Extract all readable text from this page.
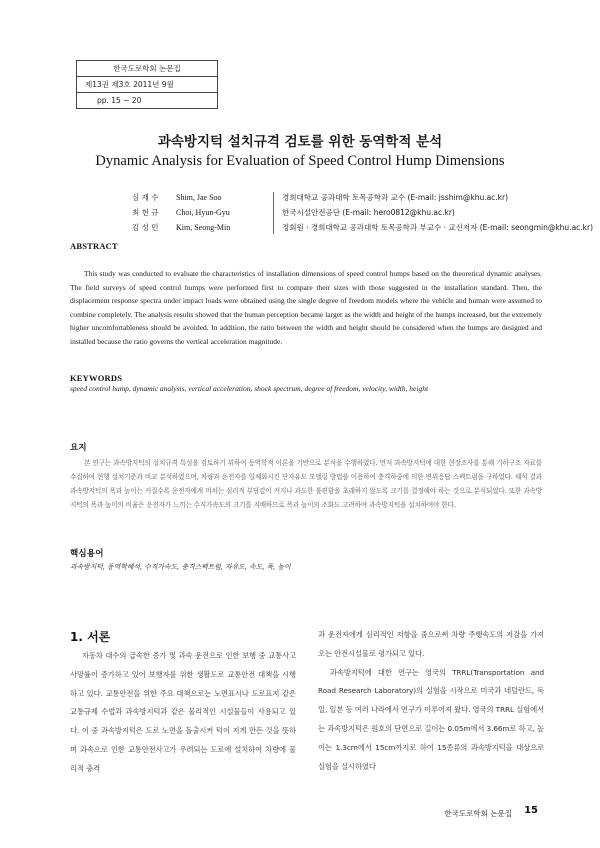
한국도로학회 논문집
제13권 제3호 2011년 9월
pp. 15 ~ 20
과속방지턱 설치규격 검토를 위한 동역학적 분석
Dynamic Analysis for Evaluation of Speed Control Hump Dimensions
심 재 수	Shim, Jae Soo	경희대학교 공과대학 토목공학과 교수 (E-mail: jsshim@khu.ac.kr)
최 현 규	Choi, Hyun-Gyu	한국시설안전공단 (E-mail: hero0812@khu.ac.kr)
김 성 민	Kim, Seong-Min	정회원 · 경희대학교 공과대학 토목공학과 부교수 · 교신저자 (E-mail: seongmin@khu.ac.kr)
ABSTRACT
This study was conducted to evaluate the characteristics of installation dimensions of speed control humps based on the theoretical dynamic analyses. The field surveys of speed control humps were performed first to compare their sizes with those suggested in the installation standard. Then, the displacement response spectra under impact loads were obtained using the single degree of freedom models where the vehicle and human were assumed to combine completely. The analysis results showed that the human perception became larger as the width and height of the humps increased, but the extremely higher uncomfortableness should be avoided. In addition, the ratio between the width and height should be considered when the humps are designed and installed because the ratio governs the vertical acceleration magnitude.
KEYWORDS
speed control hump, dynamic analysis, vertical acceleration, shock spectrum, degree of freedom, velocity, width, height
요지
본 연구는 과속방지턱의 설치규격 특성을 검토하기 위하여 동역학적 이론을 기반으로 분석을 수행하였다. 먼저 과속방지턱에 대한 현장조사를 통해 기하구조 자료를 수집하여 현행 설치기준과 비교 분석하였으며, 차량과 운전자를 일체화시킨 단자유도 모델링 방법을 이용하여 충격하중에 의한 변위응답 스펙트럼을 구하였다. 해석 결과 과속방지턱의 폭과 높이는 커질수록 운전자에게 미치는 심리적 부담감이 커지나 과도한 불편함을 초래하지 않도록 크기를 결정해야 하는 것으로 분석되었다. 또한 과속방지턱의 폭과 높이의 비율은 운전자가 느끼는 수직가속도의 크기를 지배하므로 폭과 높이의 조화도 고려하여 과속방지턱을 설치하여야 한다.
핵심용어
과속방지턱, 동역학해석, 수직가속도, 충격스펙트럼, 자유도, 속도, 폭, 높이
1. 서론

자동차 대수의 급속한 증가 및 과속 운전으로 인한 보행 중 교통사고 사망률이 증가하고 있어 보행자를 위한 생활도로 교통안전 대책을 시행하고 있다. 교통안전을 위한 주요 대책으로는 노면표시나 도로표지 같은 교통규제 수법과 과속방지턱과 같은 물리적인 시설물들이 사용되고 있다. 이 중 과속방지턱은 도로 노면을 돌출시켜 턱이 지게 만든 것을 뜻하며 과속으로 인한 교통안전사고가 우려되는 도로에 설치하여 차량에 물리적 충격

과 운전자에게 심리적인 저항을 줌으로써 차량 주행속도의 저감을 가져오는 안전시설물로 평가되고 있다.

과속방지턱에 대한 연구는 영국의 TRRL(Transportation and Road Research Laboratory)의 실험을 시작으로 미국과 네덜란드, 독일, 일본 등 여러 나라에서 연구가 이루어져 왔다. 영국의 TRRL 실험에서는 과속방지턱은 원호의 단면으로 길이는 0.05m에서 3.66m로 하고, 높이는 1.3cm에서 15cm까지로 하여 15종류의 과속방지턱을 대상으로 실험을 실시하였다

한국도로학회 논문집 15
